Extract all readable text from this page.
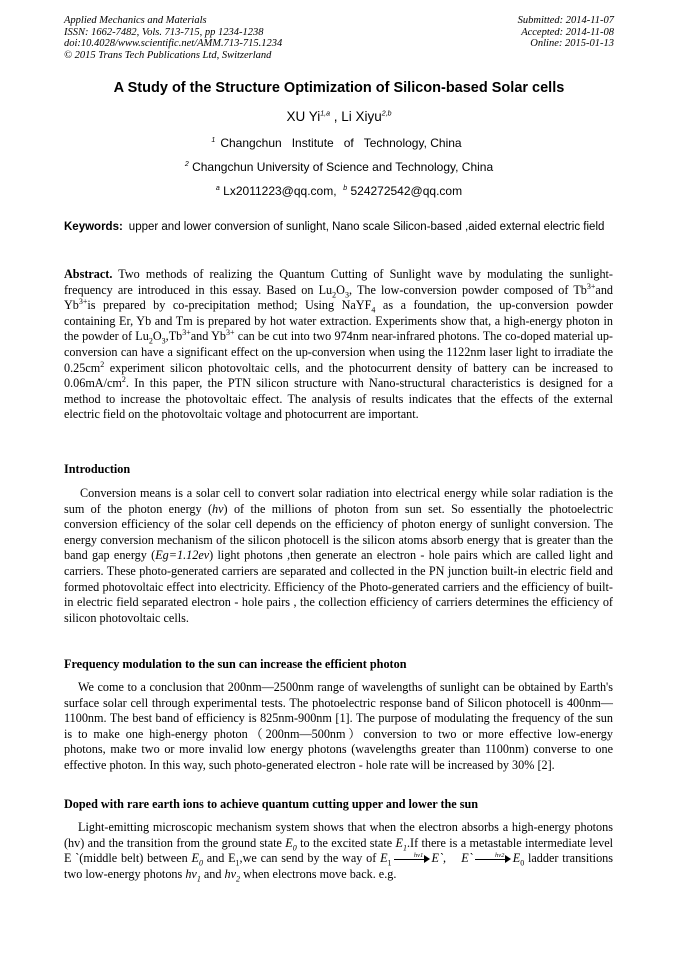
Applied Mechanics and Materials
ISSN: 1662-7482, Vols. 713-715, pp 1234-1238
doi:10.4028/www.scientific.net/AMM.713-715.1234
© 2015 Trans Tech Publications Ltd, Switzerland
Submitted: 2014-11-07
Accepted: 2014-11-08
Online: 2015-01-13
A Study of the Structure Optimization of Silicon-based Solar cells
XU Yi$^{1,a}$ , Li Xiyu$^{2,b}$
$^1$ Changchun Institute of Technology, China
$^2$ Changchun University of Science and Technology, China
$^a$ Lx2011223@qq.com, $^b$ 524272542@qq.com
Keywords: upper and lower conversion of sunlight, Nano scale Silicon-based ,aided external electric field

Abstract. Two methods of realizing the Quantum Cutting of Sunlight wave by modulating the sunlight-frequency are introduced in this essay. Based on $Lu_2O_3$, The low-conversion powder composed of $Tb^{3+}and$ $Yb^{3+}is$ prepared by co-precipitation method; Using NaYF$_4$ as a foundation, the up-conversion powder containing Er, Yb and Tm is prepared by hot water extraction. Experiments show that, a high-energy photon in the powder of $Lu_2O_3,Tb^{3+}and$ $Yb^{3+}$ can be cut into two 974nm near-infrared photons. The co-doped material up-conversion can have a significant effect on the up-conversion when using the 1122nm laser light to irradiate the $0.25cm^2$ experiment silicon photovoltaic cells, and the photocurrent density of battery can be increased to $0.06mA/cm^2$. In this paper, the PTN silicon structure with Nano-structural characteristics is designed for a method to increase the photovoltaic effect. The analysis of results indicates that the effects of the external electric field on the photovoltaic voltage and photocurrent are important.

Introduction

Conversion means is a solar cell to convert solar radiation into electrical energy while solar radiation is the sum of the photon energy (hv) of the millions of photon from sun set. So essentially the photoelectric conversion efficiency of the solar cell depends on the efficiency of photon energy of sunlight conversion. The energy conversion mechanism of the silicon photocell is the silicon atoms absorb energy that is greater than the band gap energy (Eg=1.12ev) light photons ,then generate an electron - hole pairs which are called light and carriers. These photo-generated carriers are separated and collected in the PN junction built-in electric field and formed photovoltaic effect into electricity. Efficiency of the Photo-generated carriers and the efficiency of built-in electric field separated electron - hole pairs , the collection efficiency of carriers determines the efficiency of silicon photovoltaic cells.

Frequency modulation to the sun can increase the efficient photon

We come to a conclusion that 200nm—2500nm range of wavelengths of sunlight can be obtained by Earth's surface solar cell through experimental tests. The photoelectric response band of Silicon photocell is 400nm—1100nm. The best band of efficiency is 825nm-900nm [1]. The purpose of modulating the frequency of the sun is to make one high-energy photon（200nm—500nm）conversion to two or more effective low-energy photons, make two or more invalid low energy photons (wavelengths greater than 1100nm) converse to one effective photon. In this way, such photo-generated electron - hole rate will be increased by 30% [2].

Doped with rare earth ions to achieve quantum cutting upper and lower the sun

Light-emitting microscopic mechanism system shows that when the electron absorbs a high-energy photons (hv) and the transition from the ground state $E_0$ to the excited state $E_1.If$ there is a metastable intermediate level E `(middle belt) between $E_0$ and $E_1,we$ can send by the way of $E_1$
hv1 E`, E`	hv2 $E_0$ ladder transitions two low-energy photons $hv_1$ and $hv_2$ when electrons move back. e.g.
